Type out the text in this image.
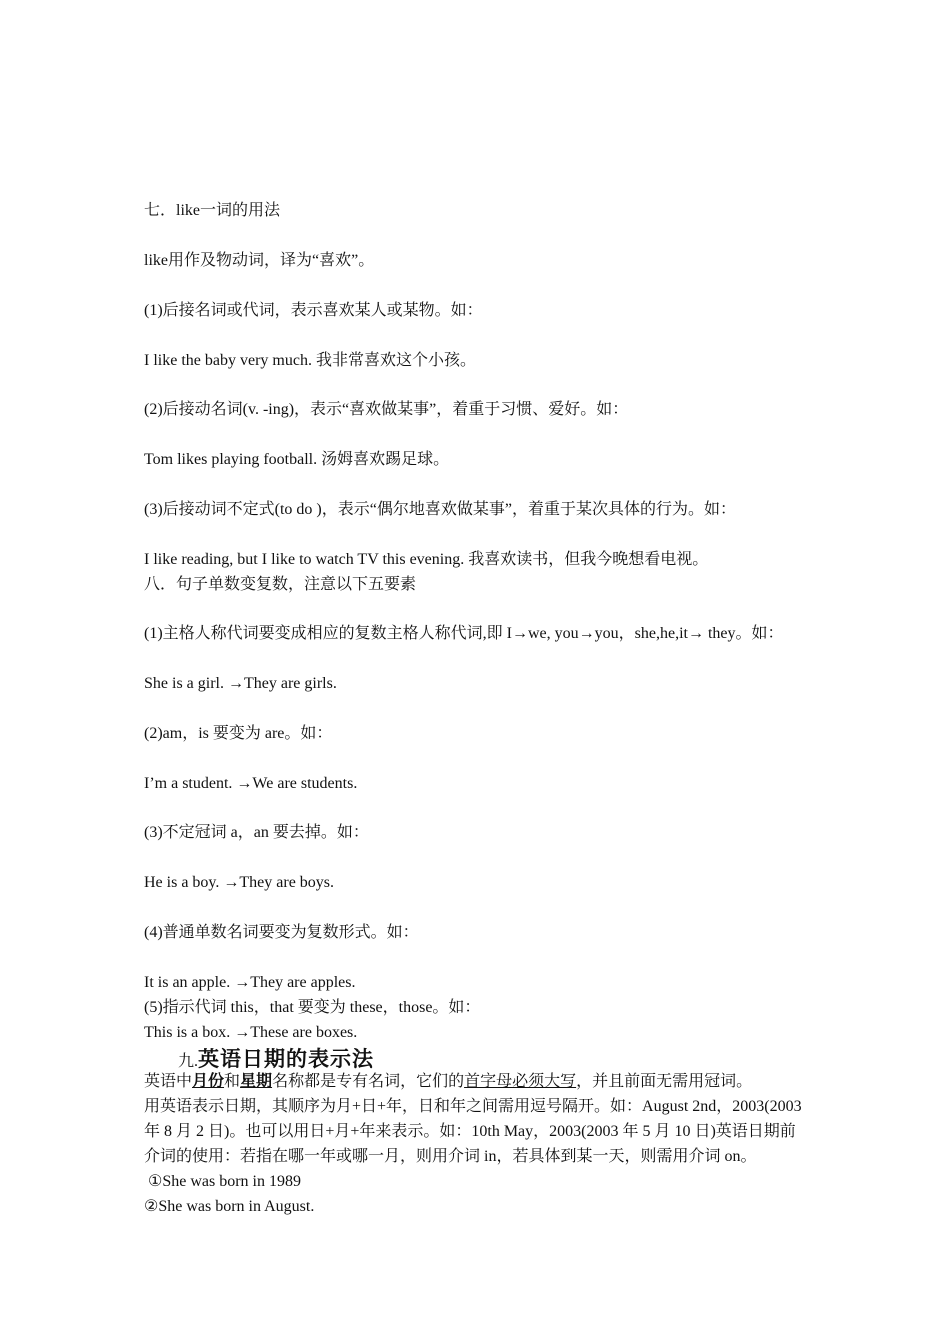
七．like一词的用法
like用作及物动词，译为“喜欢”。
(1)后接名词或代词，表示喜欢某人或某物。如：
I like the baby very much. 我非常喜欢这个小孩。
(2)后接动名词(v. -ing)，表示“喜欢做某事”，着重于习惯、爱好。如：
Tom likes playing football. 汤姆喜欢踢足球。
(3)后接动词不定式(to do )，表示“偶尔地喜欢做某事”，着重于某次具体的行为。如：
I like reading, but I like to watch TV this evening. 我喜欢读书，但我今晚想看电视。
八．句子单数变复数，注意以下五要素
(1)主格人称代词要变成相应的复数主格人称代词,即 I→we, you→you，she,he,it→ they。如：
She is a girl. →They are girls.
(2)am，is 要变为 are。如：
I’m a student. →We are students.
(3)不定冠词 a，an 要去掉。如：
He is a boy. →They are boys.
(4)普通单数名词要变为复数形式。如：
It is an apple. →They are apples.
(5)指示代词 this，that 要变为 these，those。如：
This is a box. →These are boxes.
九.英语日期的表示法
英语中月份和星期名称都是专有名词，它们的首字母必须大写，并且前面无需用冠词。
用英语表示日期，其顺序为月+日+年，日和年之间需用逗号隔开。如：August 2nd，2003(2003
年 8 月 2 日)。也可以用日+月+年来表示。如：10th May，2003(2003 年 5 月 10 日)英语日期前
介词的使用：若指在哪一年或哪一月，则用介词 in，若具体到某一天，则需用介词 on。
①She was born in 1989
②She was born in August.
